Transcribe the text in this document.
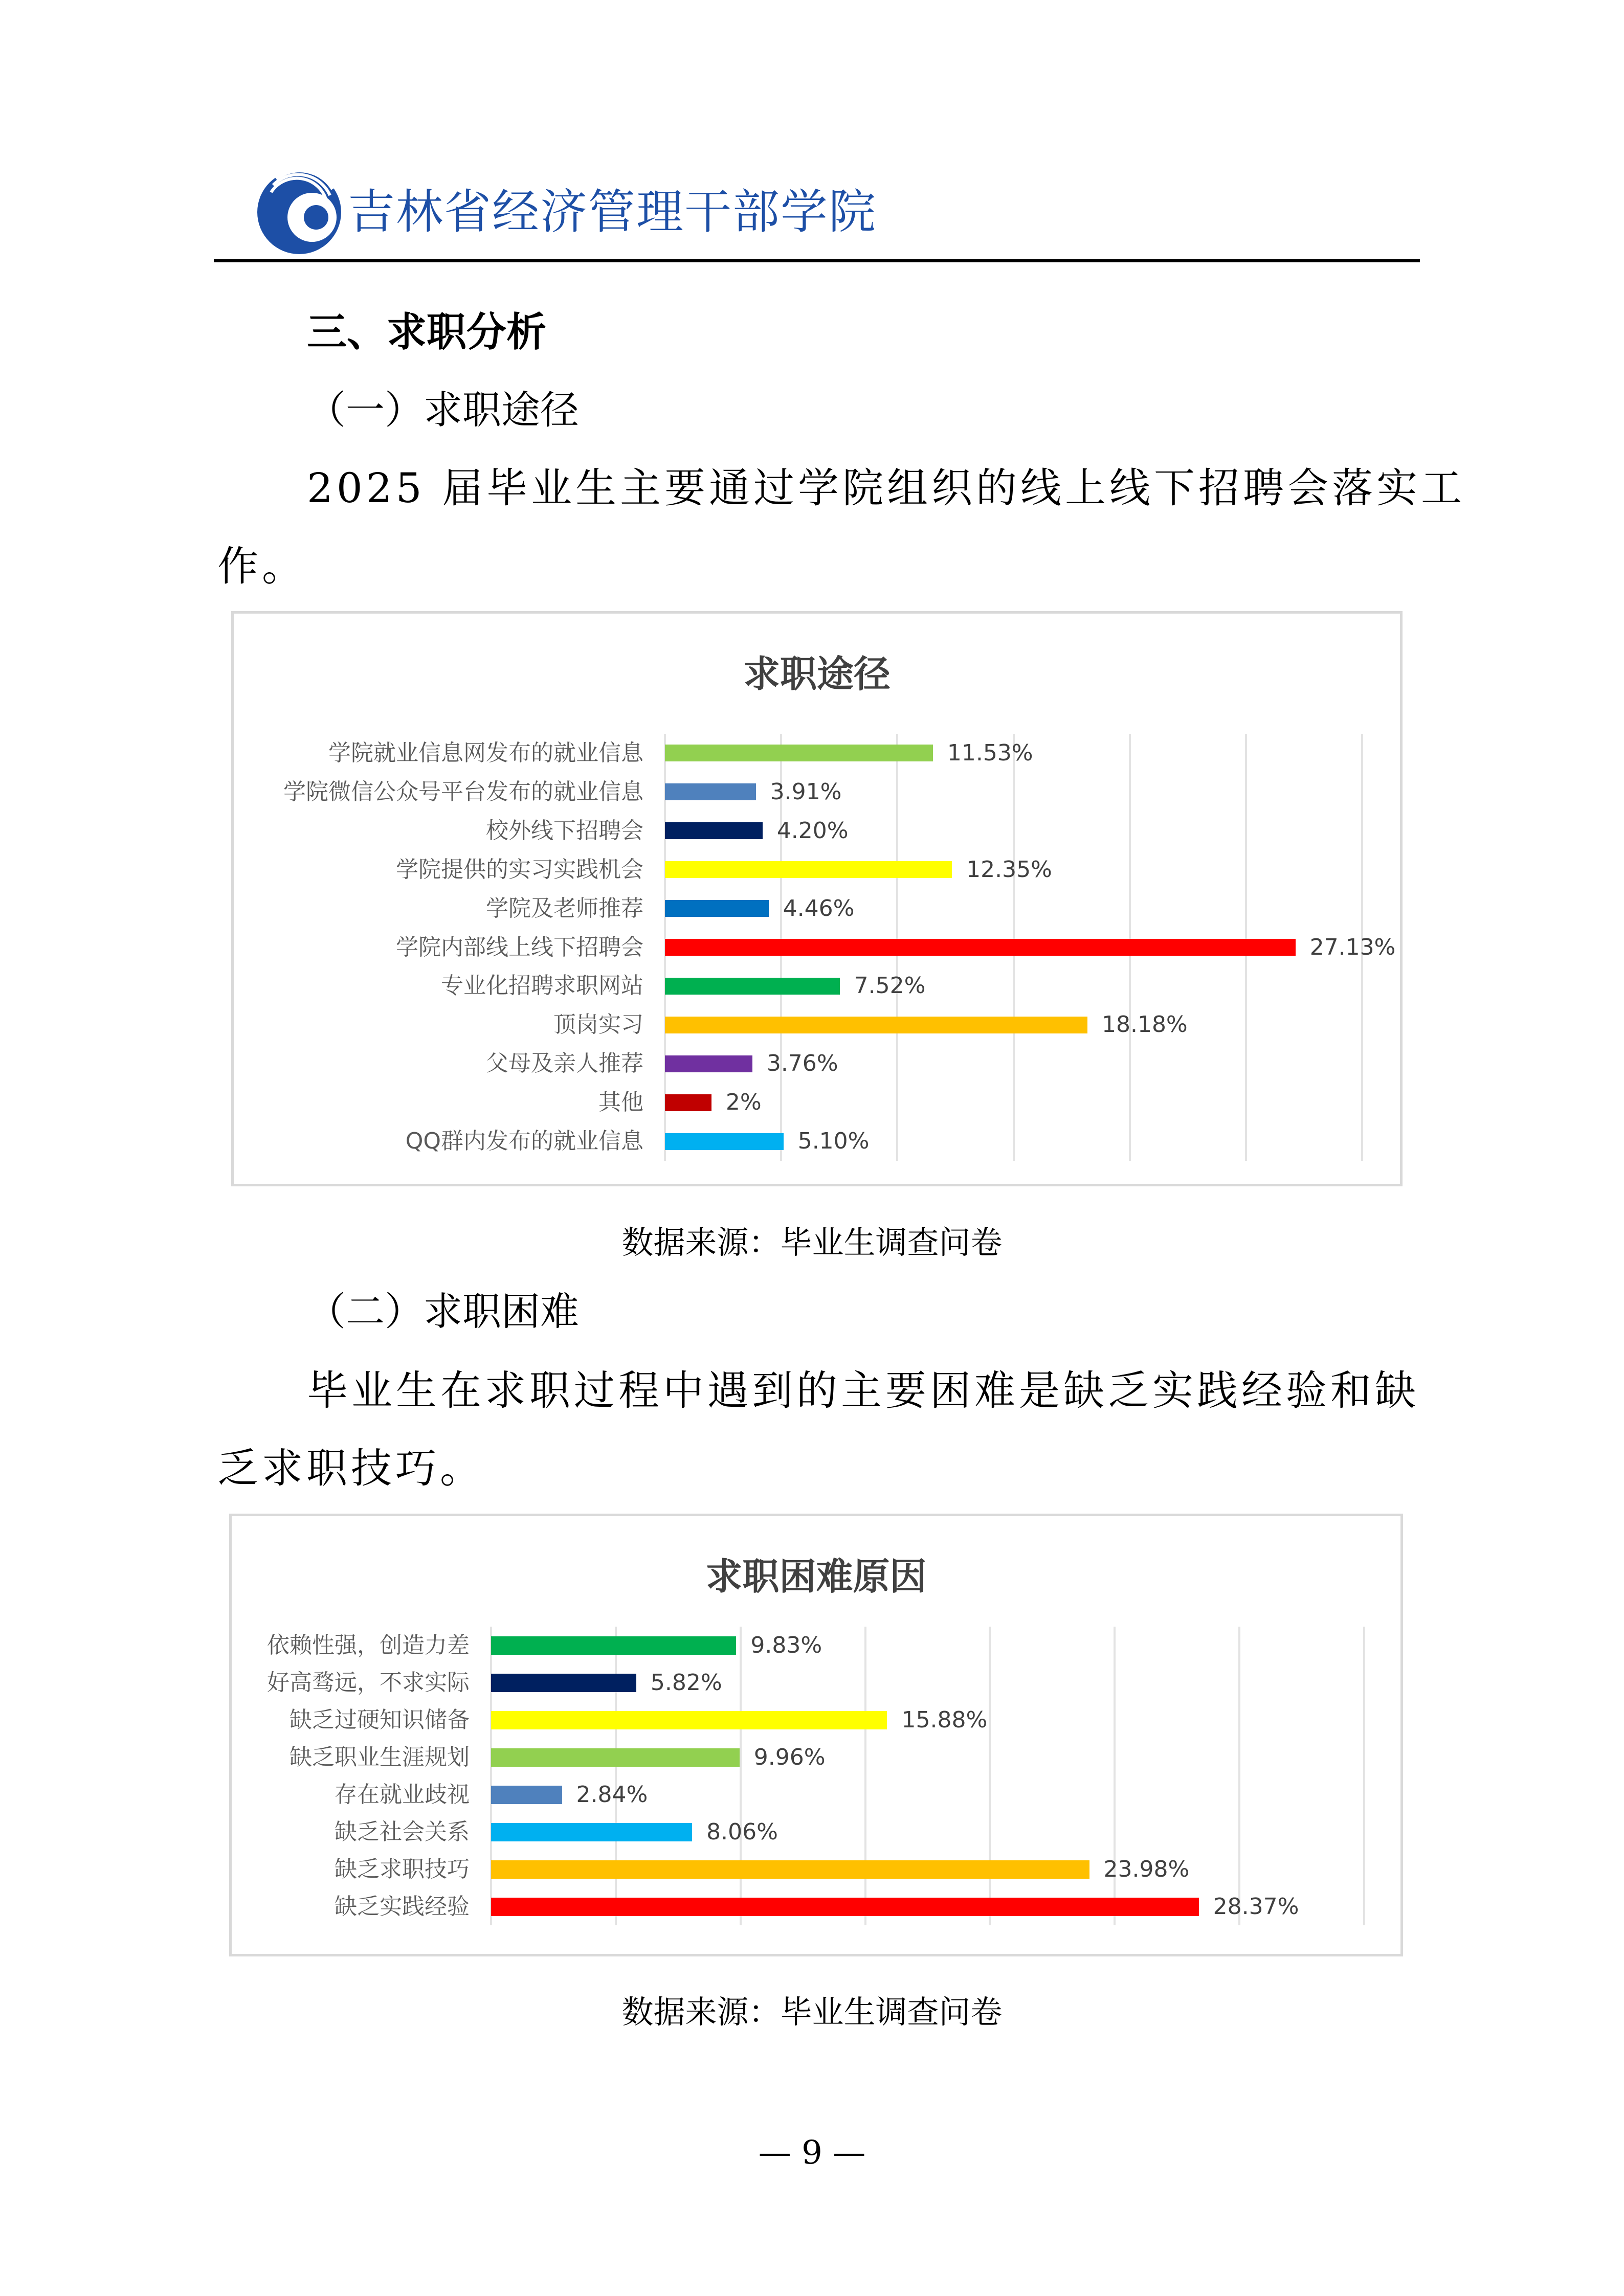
吉林省经济管理干部学院
三、求职分析
（一）求职途径
2025 届毕业生主要通过学院组织的线上线下招聘会落实工
作。
求职途径
学院就业信息网发布的就业信息	11.53%
学院微信公众号平台发布的就业信息	3.91%
校外线下招聘会	4.20%
学院提供的实习实践机会	12.35%
学院及老师推荐	4.46%
学院内部线上线下招聘会	27.13%
专业化招聘求职网站	7.52%
顶岗实习	18.18%
父母及亲人推荐	3.76%
其他	2%
QQ群内发布的就业信息	5.10%
数据来源：毕业生调查问卷
（二）求职困难
毕业生在求职过程中遇到的主要困难是缺乏实践经验和缺
乏求职技巧。
求职困难原因
依赖性强，创造力差	9.83%
好高骛远，不求实际	5.82%
缺乏过硬知识储备	15.88%
缺乏职业生涯规划	9.96%
存在就业歧视	2.84%
缺乏社会关系	8.06%
缺乏求职技巧	23.98%
缺乏实践经验	28.37%
数据来源：毕业生调查问卷
— 9 —
